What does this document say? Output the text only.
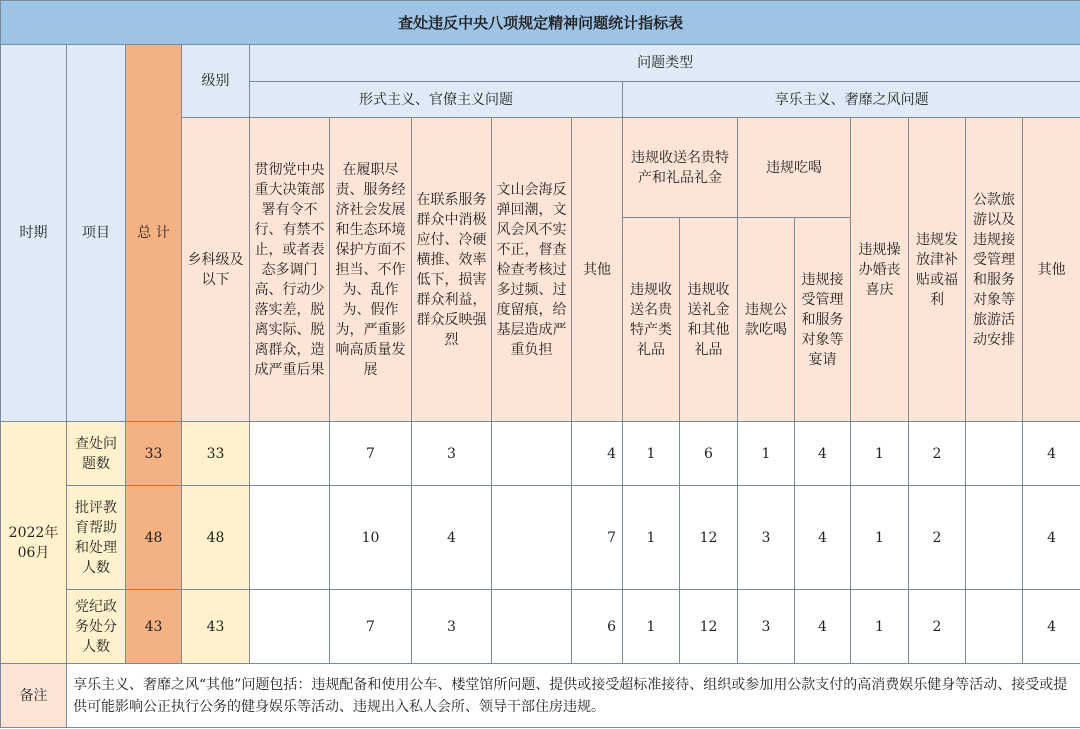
查处违反中央八项规定精神问题统计指标表																
时期	项目	总 计	级别	问题类型												
				形式主义、官僚主义问题					享乐主义、奢靡之风问题							
			乡科级及以下	贯彻党中央重大决策部署有令不行、有禁不止，或者表态多调门高、行动少落实差，脱离实际、脱离群众，造成严重后果	在履职尽责、服务经济社会发展和生态环境保护方面不担当、不作为、乱作为、假作为，严重影响高质量发展	在联系服务群众中消极应付、冷硬横推、效率低下，损害群众利益，群众反映强烈	文山会海反弹回潮，文风会风不实不正，督查检查考核过多过频、过度留痕，给基层造成严重负担	其他	违规收送名贵特产和礼品礼金		违规吃喝		违规操办婚丧喜庆	违规发放津补贴或福利	公款旅游以及违规接受管理和服务对象等旅游活动安排	其他
									违规收送名贵特产类礼品	违规收送礼金和其他礼品	违规公款吃喝	违规接受管理和服务对象等宴请				
2022年06月	查处问题数	33	33		7	3		4	1	6	1	4	1	2		4
	批评教育帮助和处理人数	48	48		10	4		7	1	12	3	4	1	2		4
	党纪政务处分人数	43	43		7	3		6	1	12	3	4	1	2		4
备注	享乐主义、奢靡之风“其他”问题包括：违规配备和使用公车、楼堂馆所问题、提供或接受超标准接待、组织或参加用公款支付的高消费娱乐健身等活动、接受或提供可能影响公正执行公务的健身娱乐等活动、违规出入私人会所、领导干部住房违规。															
